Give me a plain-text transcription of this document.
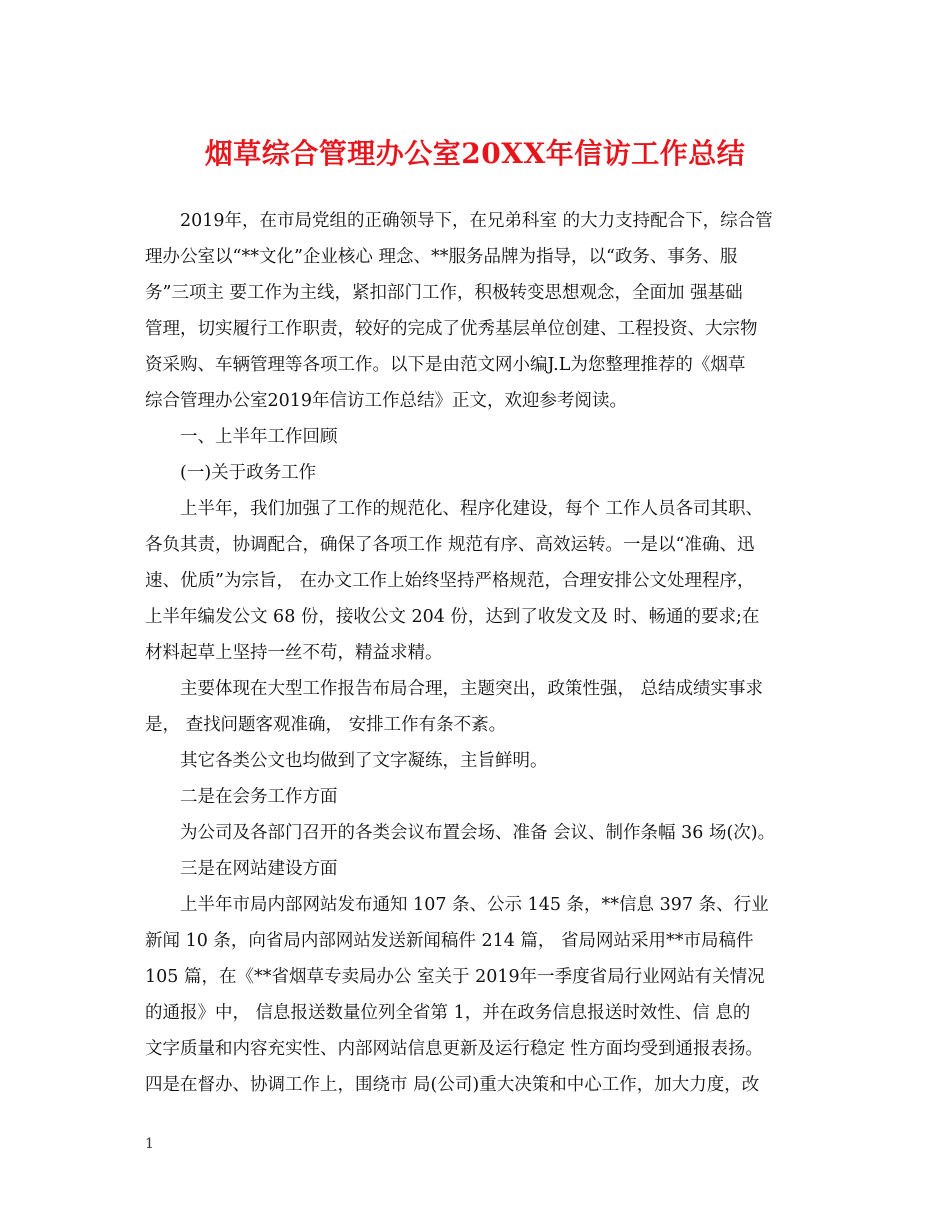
烟草综合管理办公室20XX年信访工作总结
2019年，在市局党组的正确领导下，在兄弟科室 的大力支持配合下，综合管
理办公室以“**文化”企业核心 理念、**服务品牌为指导，以“政务、事务、服
务”三项主 要工作为主线，紧扣部门工作，积极转变思想观念，全面加 强基础
管理，切实履行工作职责，较好的完成了优秀基层单位创建、工程投资、大宗物
资采购、车辆管理等各项工作。以下是由范文网小编J.L为您整理推荐的《烟草
综合管理办公室2019年信访工作总结》正文，欢迎参考阅读。
一、上半年工作回顾
(一)关于政务工作
上半年，我们加强了工作的规范化、程序化建设，每个 工作人员各司其职、
各负其责，协调配合，确保了各项工作 规范有序、高效运转。一是以“准确、迅
速、优质”为宗旨， 在办文工作上始终坚持严格规范，合理安排公文处理程序，
上半年编发公文 68 份，接收公文 204 份，达到了收发文及 时、畅通的要求;在
材料起草上坚持一丝不苟，精益求精。
主要体现在大型工作报告布局合理，主题突出，政策性强， 总结成绩实事求
是， 查找问题客观准确， 安排工作有条不紊。
其它各类公文也均做到了文字凝练，主旨鲜明。
二是在会务工作方面
为公司及各部门召开的各类会议布置会场、准备 会议、制作条幅 36 场(次)。
三是在网站建设方面
上半年市局内部网站发布通知 107 条、公示 145 条，**信息 397 条、行业
新闻 10 条，向省局内部网站发送新闻稿件 214 篇， 省局网站采用**市局稿件
105 篇，在《**省烟草专卖局办公 室关于 2019年一季度省局行业网站有关情况
的通报》中， 信息报送数量位列全省第 1，并在政务信息报送时效性、信 息的
文字质量和内容充实性、内部网站信息更新及运行稳定 性方面均受到通报表扬。
四是在督办、协调工作上，围绕市 局(公司)重大决策和中心工作，加大力度，改
1
